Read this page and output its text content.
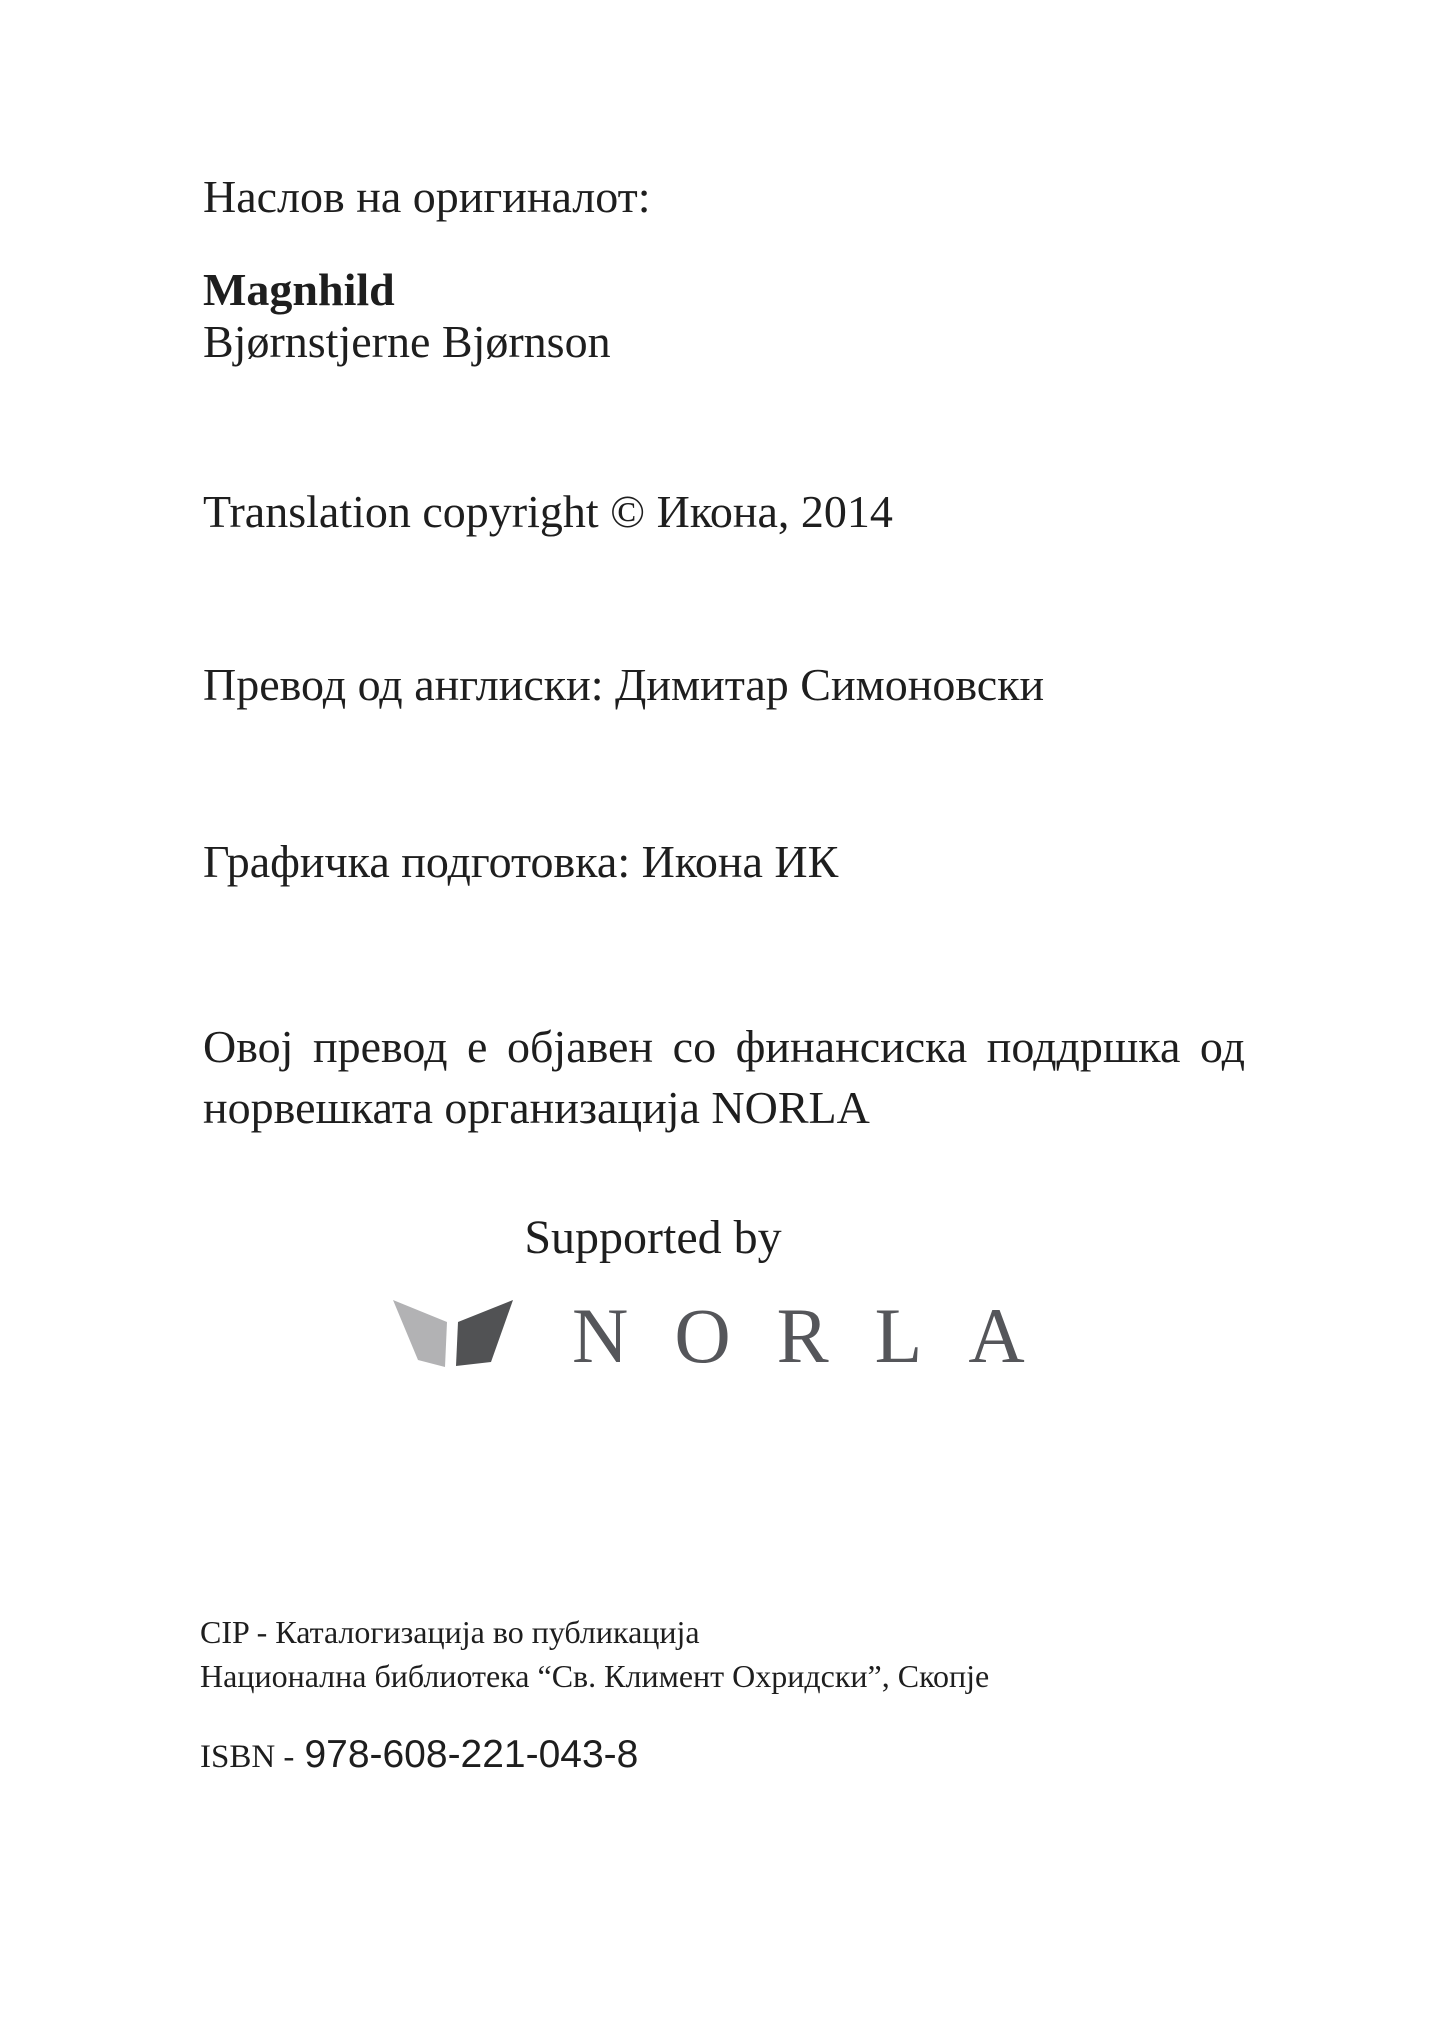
Наслов на оригиналот:
Magnhild
Bjørnstjerne Bjørnson
Translation copyright © Икона, 2014
Превод од англиски: Димитар Симоновски
Графичка подготовка: Икона ИК
Овој превод е објавен со финансиска поддршка од
норвешката организација NORLA
Supported by
NORLA
CIP - Каталогизација во публикација
Национална библиотека “Св. Климент Охридски”, Скопје
ISBN - 978-608-221-043-8
